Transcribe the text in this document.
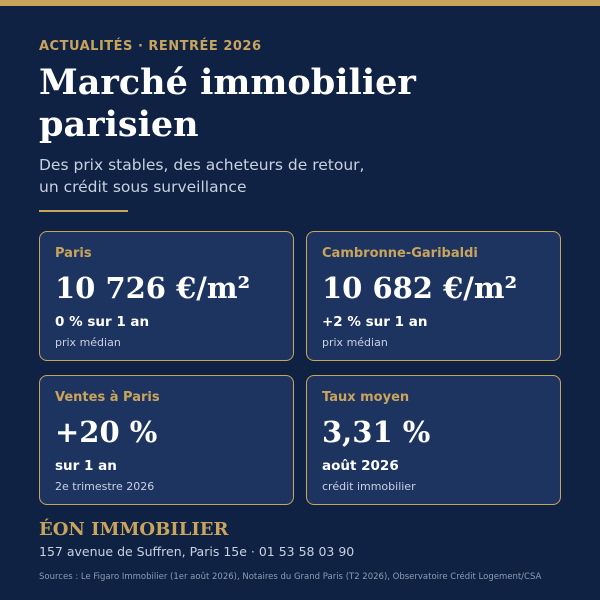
ACTUALITÉS · RENTRÉE 2026
Marché immobilier parisien
Des prix stables, des acheteurs de retour,
un crédit sous surveillance
Paris
10 726 €/m²
0 % sur 1 an
prix médian
Cambronne-Garibaldi
10 682 €/m²
+2 % sur 1 an
prix médian
Ventes à Paris
+20 %
sur 1 an
2e trimestre 2026
Taux moyen
3,31 %
août 2026
crédit immobilier
ÉON IMMOBILIER
157 avenue de Suffren, Paris 15e · 01 53 58 03 90
Sources : Le Figaro Immobilier (1er août 2026), Notaires du Grand Paris (T2 2026), Observatoire Crédit Logement/CSA
